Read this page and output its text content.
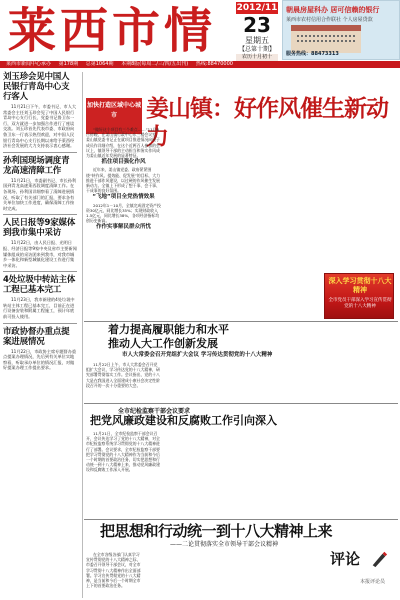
莱西市情	2012/11
23
星期五
【总第十期】
农历十月初十
朝晨房屋科办 居可信赖的银行
莱西市农村信用合作联社 个人房屋贷款
服务热线：88473313
莱西市新闻中心承办 第178期 总第1064期 本期8版(每周二/三/四/五出刊) 热线:88470000
刘玉珍会见中国人民银行青岛中心支行客人
11月21日下午，市委书记、市人大常委会主任刘玉珍会见了中国人民银行青岛中心支行行长、党委书记鲁卫东一行，双方就进一步加强合作进行了座谈交流。刘玉珍首先代表市委、市政府向鲁卫东一行表示热烈欢迎，对中国人民银行青岛中心支行长期以来给予莱西经济社会发展的大力支持表示衷心感谢。
孙利国现场调度青龙高速清障工作
11月21日，市委副书记、市长孙利国到青龙高速莱西段调度清障工作。在各现场，孙利国详细察看了清障进展情况，听取了有关部门的汇报，要求各有关单位加快工作进度，确保清障工作按时完成。
人民日报等9家媒体到我市集中采访
11月22日，由人民日报、光明日报、经济日报等9家中央及省市主要新闻媒体组成的采访团来到我市，对我市城乡一体化和新型城镇化建设工作进行集中采访。
4处垃圾中转站主体工程已基本完工
11月23日，我市新建的4处垃圾中转站主体工程已基本完工，目前正在进行设备安装和附属工程施工，预计年底前可投入使用。
市政协督办重点提案进展情况
11月22日，市政协主席专题督办重点提案办理情况，先后到有关单位实地察看，听取承办单位的情况汇报，对做好提案办理工作提出要求。
加快打造区域中心城市	姜山镇：好作风催生新动力

“做好这个项目有三个难点……”11月8日傍晚，在姜山镇行政中心东三楼会议室，姜山镇党委书记正在就项目推进情况向班子成员作详细介绍，在这个近两百人参加的会议上，镇领导干部的主动担当和务实作风成为姜山镇近年发展的显著特征。

抓住项目强化作风

近年来，姜山镇党委、政府紧紧围绕“转作风、提效能、促发展”的目标，大力推进干部作风建设，以过硬的作风催生发展新动力。全镇上下形成了想干事、会干事、干成事的良好氛围。

“飞地”项目全党热情效果

2012年1－10月，全镇完成固定资产投资30亿元，同比增长35%；实现财政收入1.5亿元，同比增长38%，各项经济指标均创历史新高。

作作实事解民群众所忧

深入学习贯彻十八大精神
全市党员干部深入学习宣传贯彻党的十八大精神
着力提高履职能力和水平
推动人大工作创新发展
市人大常委会召开党组扩大会议 学习传达贯彻党的十八大精神

11月22日上午，市人大常委会召开党组扩大会议，学习传达党的十八大精神，研究部署贯彻落实工作。会议指出，党的十八大是在我国进入全面建成小康社会决定性阶段召开的一次十分重要的大会。

全市纪检监察干部会议要求
把党风廉政建设和反腐败工作引向深入

11月21日，全市纪检监察干部会议召开，会议传达学习了党的十八大精神，对全市纪检监察系统学习贯彻党的十八大精神进行了部署。会议要求，全市纪检监察干部要把学习贯彻党的十八大精神作为当前和今后一个时期的首要政治任务，切实把思想和行动统一到十八大精神上来，推动党风廉政建设和反腐败工作深入开展。

把思想和行动统一到十八大精神上来
——二论贯彻落实全市领导干部会议精神

在全市各级各部门认真学习宣传贯彻党的十八大精神之际，市委召开领导干部会议，对全市学习贯彻十八大精神作出全面部署。学习宣传贯彻党的十八大精神，是当前和今后一个时期全市上下的首要政治任务。

评论
本报评论员
